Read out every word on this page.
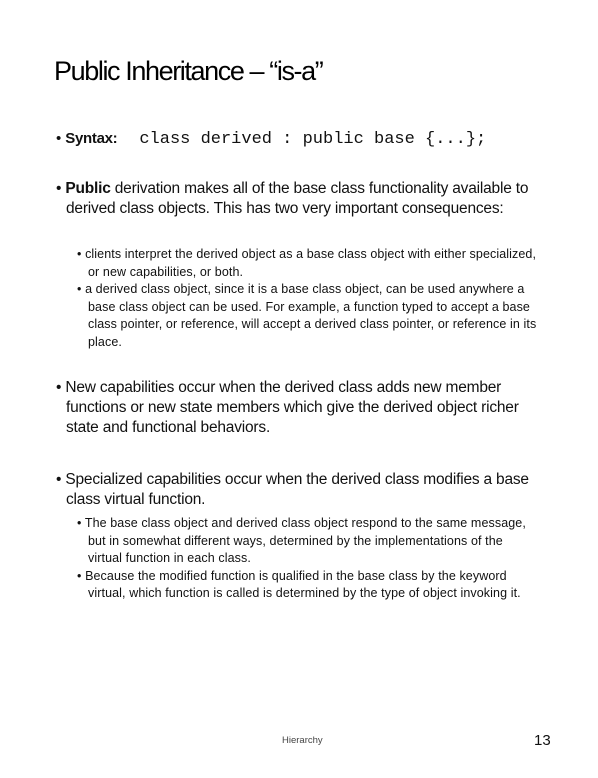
Public Inheritance – “is-a”
• Syntax: class derived : public base {...};
• Public derivation makes all of the base class functionality available to derived class objects. This has two very important consequences:
• clients interpret the derived object as a base class object with either specialized, or new capabilities, or both.
• a derived class object, since it is a base class object, can be used anywhere a base class object can be used. For example, a function typed to accept a base class pointer, or reference, will accept a derived class pointer, or reference in its place.
• New capabilities occur when the derived class adds new member functions or new state members which give the derived object richer state and functional behaviors.
• Specialized capabilities occur when the derived class modifies a base class virtual function.
• The base class object and derived class object respond to the same message, but in somewhat different ways, determined by the implementations of the virtual function in each class.
• Because the modified function is qualified in the base class by the keyword virtual, which function is called is determined by the type of object invoking it.
Hierarchy	13
